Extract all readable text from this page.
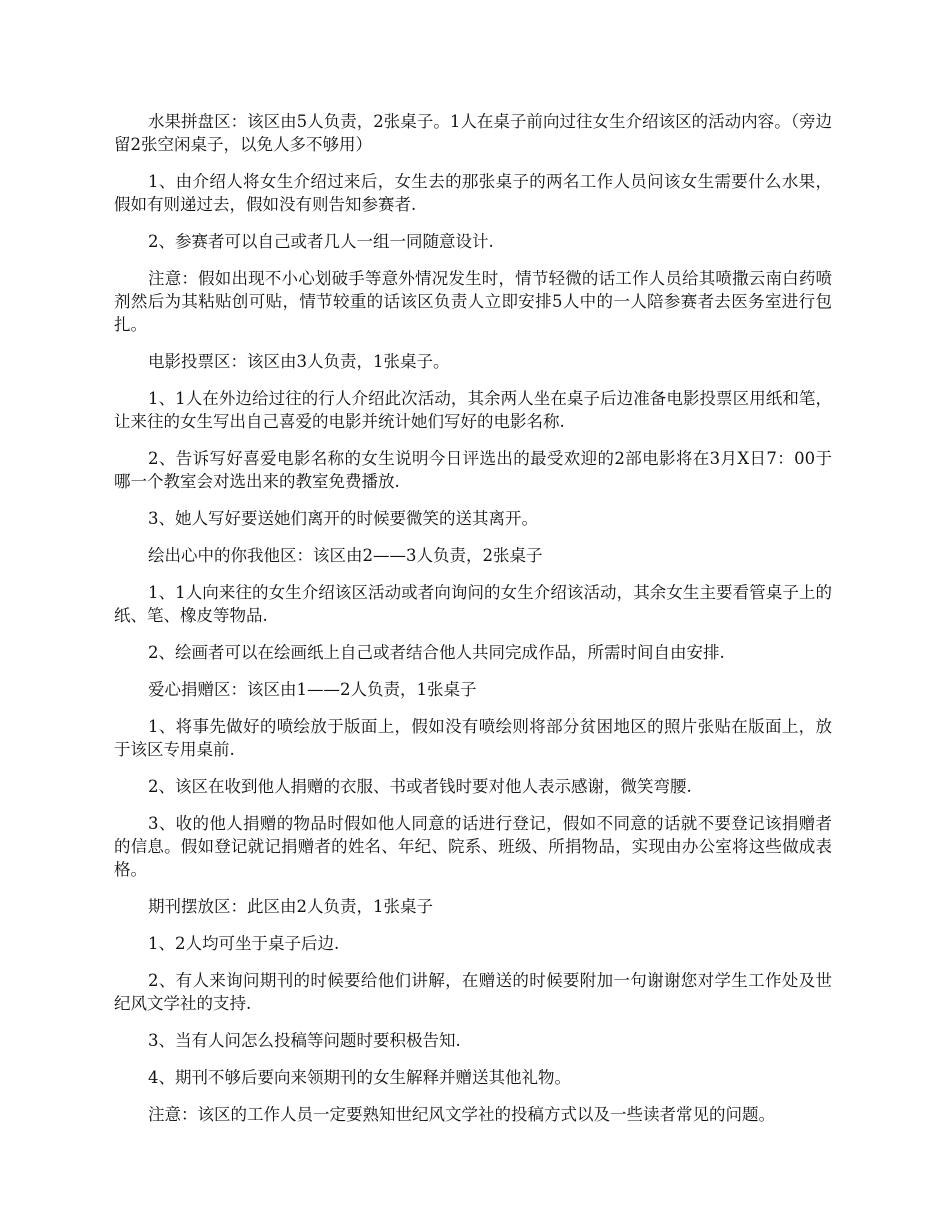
水果拼盘区：该区由5人负责，2张桌子。1人在桌子前向过往女生介绍该区的活动内容。（旁边留2张空闲桌子，以免人多不够用）

1、由介绍人将女生介绍过来后，女生去的那张桌子的两名工作人员问该女生需要什么水果，假如有则递过去，假如没有则告知参赛者.

2、参赛者可以自己或者几人一组一同随意设计.

注意：假如出现不小心划破手等意外情况发生时，情节轻微的话工作人员给其喷撒云南白药喷剂然后为其粘贴创可贴，情节较重的话该区负责人立即安排5人中的一人陪参赛者去医务室进行包扎。

电影投票区：该区由3人负责，1张桌子。

1、1人在外边给过往的行人介绍此次活动，其余两人坐在桌子后边准备电影投票区用纸和笔，让来往的女生写出自己喜爱的电影并统计她们写好的电影名称.

2、告诉写好喜爱电影名称的女生说明今日评选出的最受欢迎的2部电影将在3月X日7：00于哪一个教室会对选出来的教室免费播放.

3、她人写好要送她们离开的时候要微笑的送其离开。

绘出心中的你我他区：该区由2——3人负责，2张桌子

1、1人向来往的女生介绍该区活动或者向询问的女生介绍该活动，其余女生主要看管桌子上的纸、笔、橡皮等物品.

2、绘画者可以在绘画纸上自己或者结合他人共同完成作品，所需时间自由安排.

爱心捐赠区：该区由1——2人负责，1张桌子

1、将事先做好的喷绘放于版面上，假如没有喷绘则将部分贫困地区的照片张贴在版面上，放于该区专用桌前.

2、该区在收到他人捐赠的衣服、书或者钱时要对他人表示感谢，微笑弯腰.

3、收的他人捐赠的物品时假如他人同意的话进行登记，假如不同意的话就不要登记该捐赠者的信息。假如登记就记捐赠者的姓名、年纪、院系、班级、所捐物品，实现由办公室将这些做成表格。

期刊摆放区：此区由2人负责，1张桌子

1、2人均可坐于桌子后边.

2、有人来询问期刊的时候要给他们讲解，在赠送的时候要附加一句谢谢您对学生工作处及世纪风文学社的支持.

3、当有人问怎么投稿等问题时要积极告知.

4、期刊不够后要向来领期刊的女生解释并赠送其他礼物。

注意：该区的工作人员一定要熟知世纪风文学社的投稿方式以及一些读者常见的问题。
